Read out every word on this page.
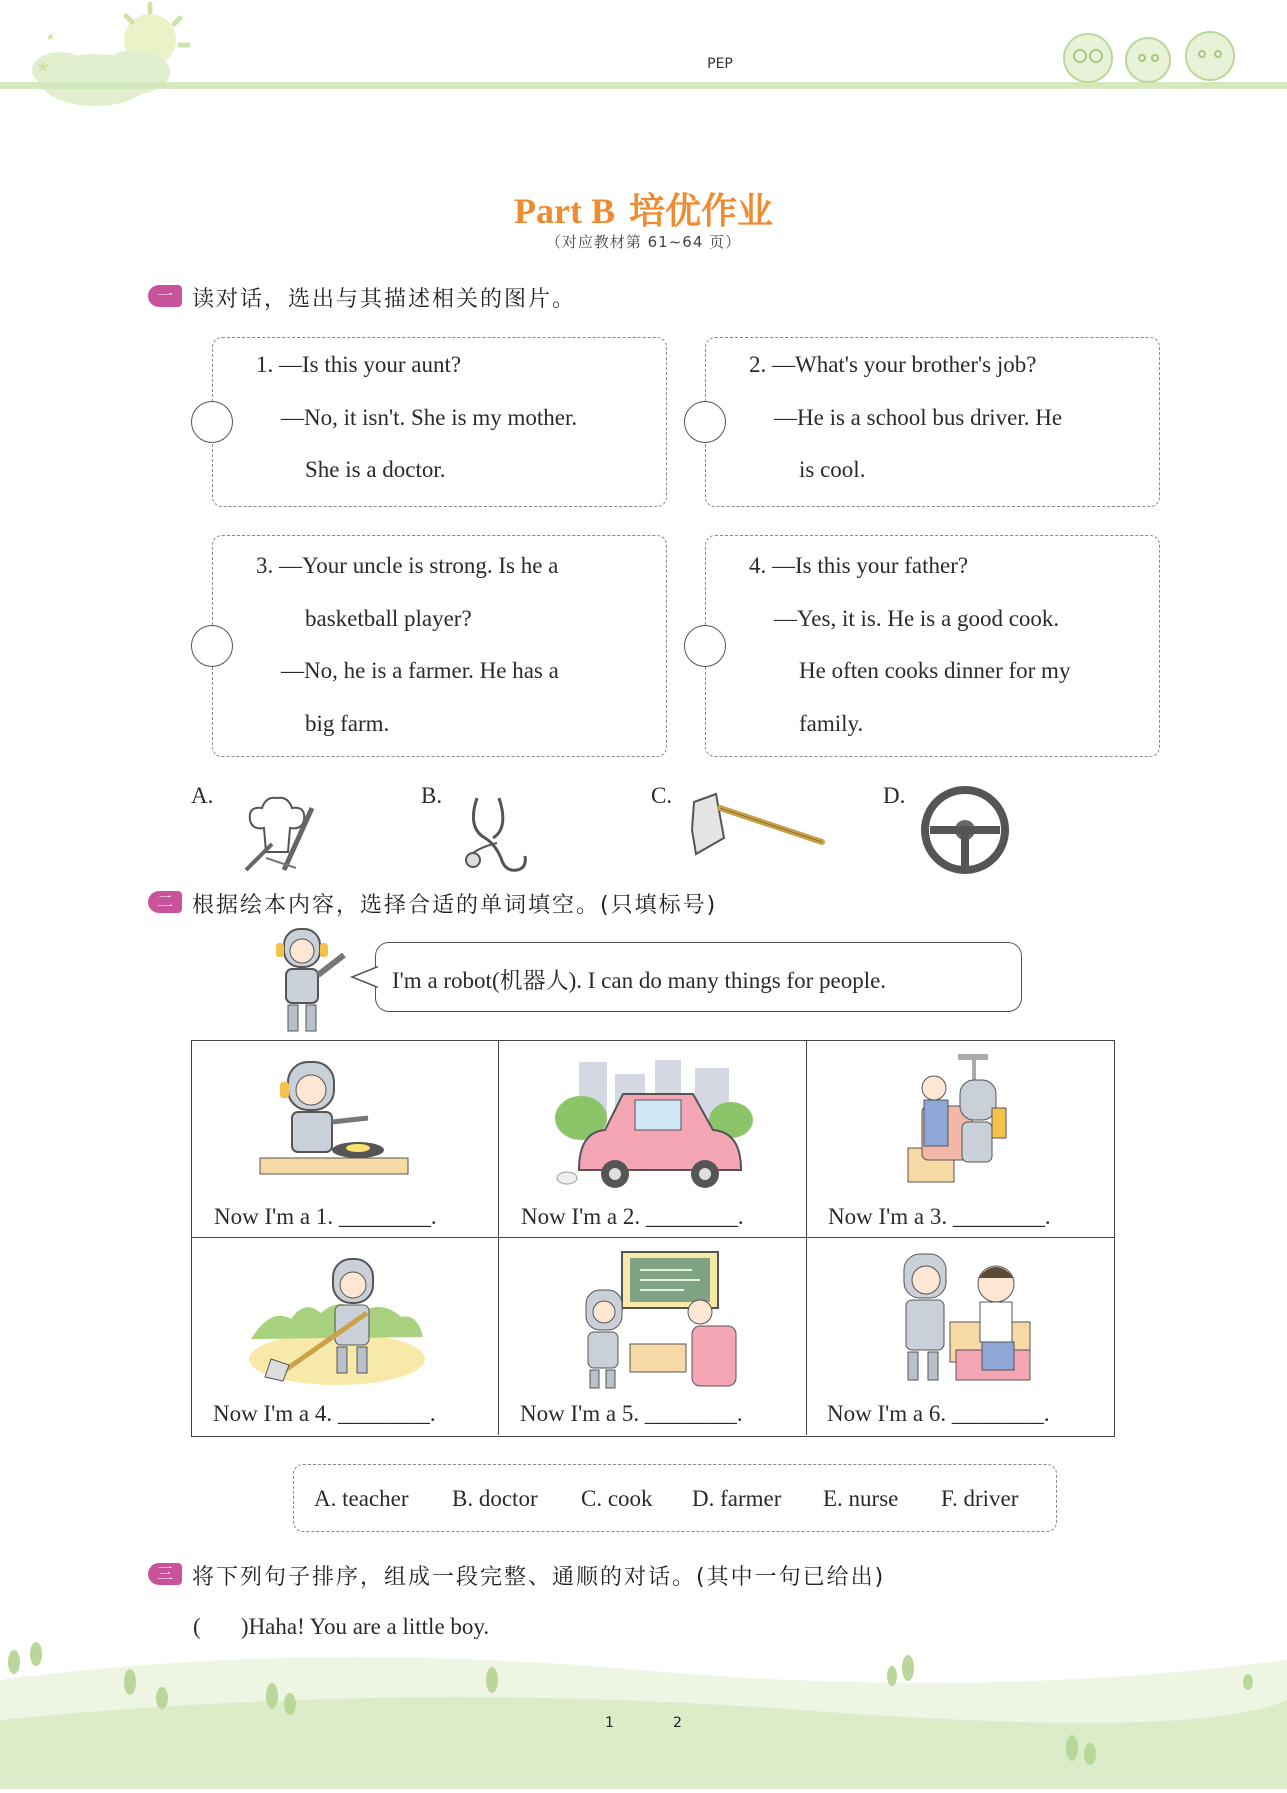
★
★
PEP
Part B 培优作业
（对应教材第 61~64 页）
一 读对话，选出与其描述相关的图片。
1. —Is this your aunt?
—No, it isn't. She is my mother.
She is a doctor.
2. —What's your brother's job?
—He is a school bus driver. He
is cool.
3. —Your uncle is strong. Is he a
basketball player?
—No, he is a farmer. He has a
big farm.
4. —Is this your father?
—Yes, it is. He is a good cook.
He often cooks dinner for my
family.
A.	B.	C.	D.
二 根据绘本内容，选择合适的单词填空。(只填标号)
I'm a robot(机器人). I can do many things for people.
Now I'm a 1. ________.	Now I'm a 2. ________.	Now I'm a 3. ________.
Now I'm a 4. ________.	Now I'm a 5. ________.	Now I'm a 6. ________.
A. teacher B. doctor C. cook D. farmer E. nurse F. driver
三 将下列句子排序，组成一段完整、通顺的对话。(其中一句已给出)
(       )Haha! You are a little boy.
1	2
